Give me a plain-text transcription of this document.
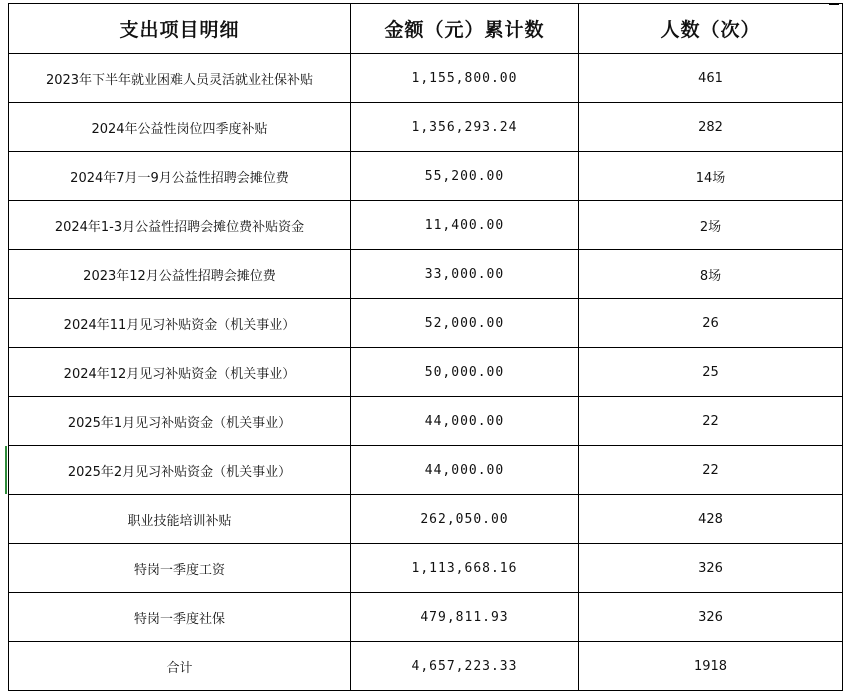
支出项目明细	金额（元）累计数	人数（次）
2023年下半年就业困难人员灵活就业社保补贴	1,155,800.00	461
2024年公益性岗位四季度补贴	1,356,293.24	282
2024年7月一9月公益性招聘会摊位费	55,200.00	14场
2024年1-3月公益性招聘会摊位费补贴资金	11,400.00	2场
2023年12月公益性招聘会摊位费	33,000.00	8场
2024年11月见习补贴资金（机关事业）	52,000.00	26
2024年12月见习补贴资金（机关事业）	50,000.00	25
2025年1月见习补贴资金（机关事业）	44,000.00	22
2025年2月见习补贴资金（机关事业）	44,000.00	22
职业技能培训补贴	262,050.00	428
特岗一季度工资	1,113,668.16	326
特岗一季度社保	479,811.93	326
合计	4,657,223.33	1918
